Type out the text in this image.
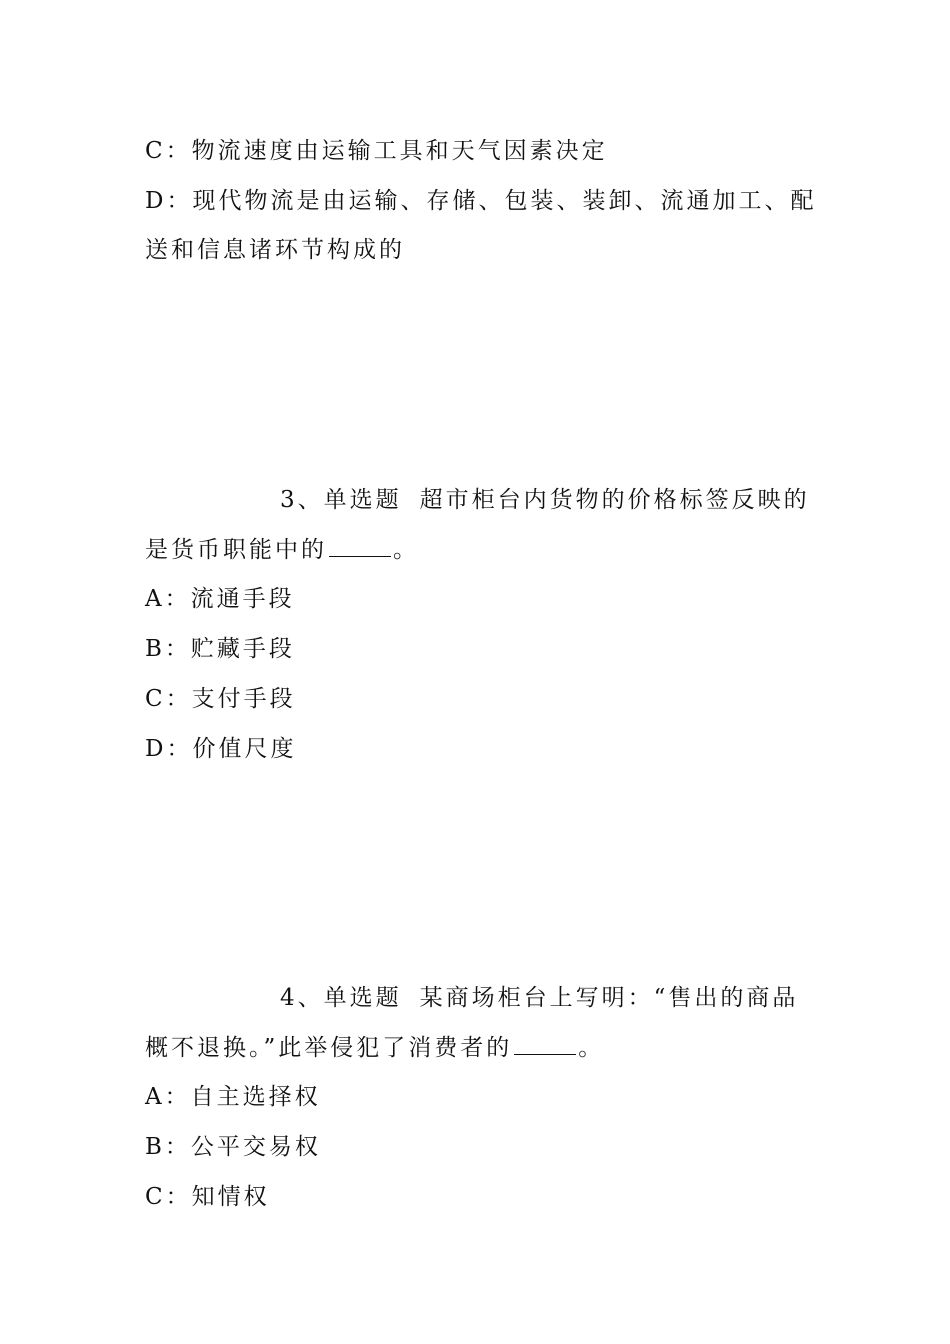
C：物流速度由运输工具和天气因素决定
D：现代物流是由运输、存储、包装、装卸、流通加工、配
送和信息诸环节构成的
3、单选题 超市柜台内货物的价格标签反映的
是货币职能中的	。
A：流通手段
B：贮藏手段
C：支付手段
D：价值尺度
4、单选题 某商场柜台上写明：“售出的商品
概不退换。”此举侵犯了消费者的	。
A：自主选择权
B：公平交易权
C：知情权
